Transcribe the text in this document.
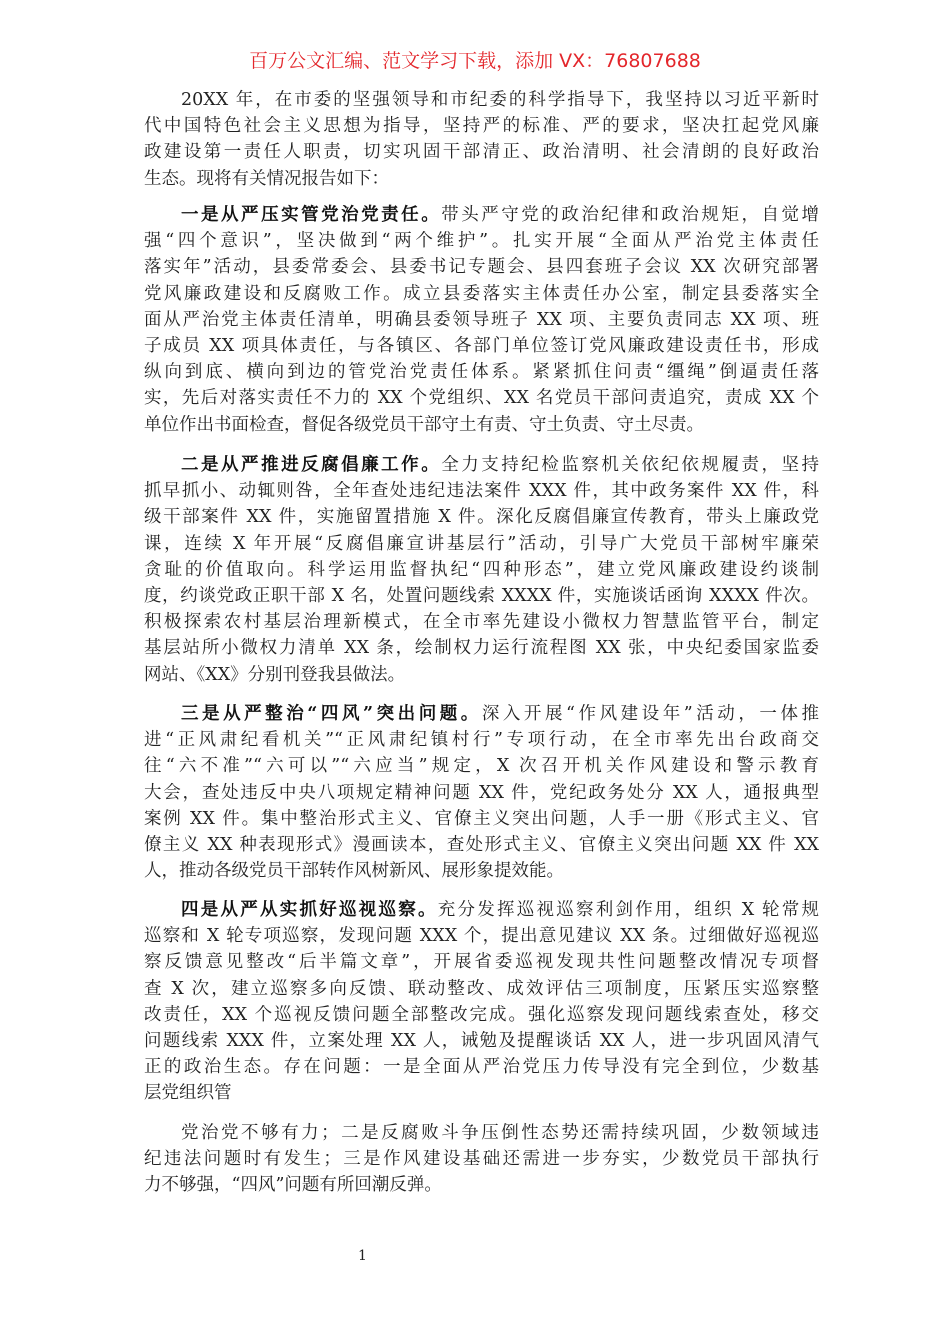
百万公文汇编、范文学习下载，添加 VX：76807688
20XX 年，在市委的坚强领导和市纪委的科学指导下，我坚持以习近平新时
代中国特色社会主义思想为指导，坚持严的标准、严的要求，坚决扛起党风廉
政建设第一责任人职责，切实巩固干部清正、政治清明、社会清朗的良好政治
生态。现将有关情况报告如下：
一是从严压实管党治党责任。带头严守党的政治纪律和政治规矩，自觉增
强“四个意识”，坚决做到“两个维护”。扎实开展“全面从严治党主体责任
落实年”活动，县委常委会、县委书记专题会、县四套班子会议 XX 次研究部署
党风廉政建设和反腐败工作。成立县委落实主体责任办公室，制定县委落实全
面从严治党主体责任清单，明确县委领导班子 XX 项、主要负责同志 XX 项、班
子成员 XX 项具体责任，与各镇区、各部门单位签订党风廉政建设责任书，形成
纵向到底、横向到边的管党治党责任体系。紧紧抓住问责“缰绳”倒逼责任落
实，先后对落实责任不力的 XX 个党组织、XX 名党员干部问责追究，责成 XX 个
单位作出书面检查，督促各级党员干部守土有责、守土负责、守土尽责。
二是从严推进反腐倡廉工作。全力支持纪检监察机关依纪依规履责，坚持
抓早抓小、动辄则咎，全年查处违纪违法案件 XXX 件，其中政务案件 XX 件，科
级干部案件 XX 件，实施留置措施 X 件。深化反腐倡廉宣传教育，带头上廉政党
课，连续 X 年开展“反腐倡廉宣讲基层行”活动，引导广大党员干部树牢廉荣
贪耻的价值取向。科学运用监督执纪“四种形态”，建立党风廉政建设约谈制
度，约谈党政正职干部 X 名，处置问题线索 XXXX 件，实施谈话函询 XXXX 件次。
积极探索农村基层治理新模式，在全市率先建设小微权力智慧监管平台，制定
基层站所小微权力清单 XX 条，绘制权力运行流程图 XX 张，中央纪委国家监委
网站、《XX》分别刊登我县做法。
三是从严整治“四风”突出问题。深入开展“作风建设年”活动，一体推
进“正风肃纪看机关”“正风肃纪镇村行”专项行动，在全市率先出台政商交
往“六不准”“六可以”“六应当”规定，X 次召开机关作风建设和警示教育
大会，查处违反中央八项规定精神问题 XX 件，党纪政务处分 XX 人，通报典型
案例 XX 件。集中整治形式主义、官僚主义突出问题，人手一册《形式主义、官
僚主义 XX 种表现形式》漫画读本，查处形式主义、官僚主义突出问题 XX 件 XX
人，推动各级党员干部转作风树新风、展形象提效能。
四是从严从实抓好巡视巡察。充分发挥巡视巡察利剑作用，组织 X 轮常规
巡察和 X 轮专项巡察，发现问题 XXX 个，提出意见建议 XX 条。过细做好巡视巡
察反馈意见整改“后半篇文章”，开展省委巡视发现共性问题整改情况专项督
查 X 次，建立巡察多向反馈、联动整改、成效评估三项制度，压紧压实巡察整
改责任，XX 个巡视反馈问题全部整改完成。强化巡察发现问题线索查处，移交
问题线索 XXX 件，立案处理 XX 人，诫勉及提醒谈话 XX 人，进一步巩固风清气
正的政治生态。存在问题：一是全面从严治党压力传导没有完全到位，少数基
层党组织管
党治党不够有力；二是反腐败斗争压倒性态势还需持续巩固，少数领域违
纪违法问题时有发生；三是作风建设基础还需进一步夯实，少数党员干部执行
力不够强，“四风”问题有所回潮反弹。
1
